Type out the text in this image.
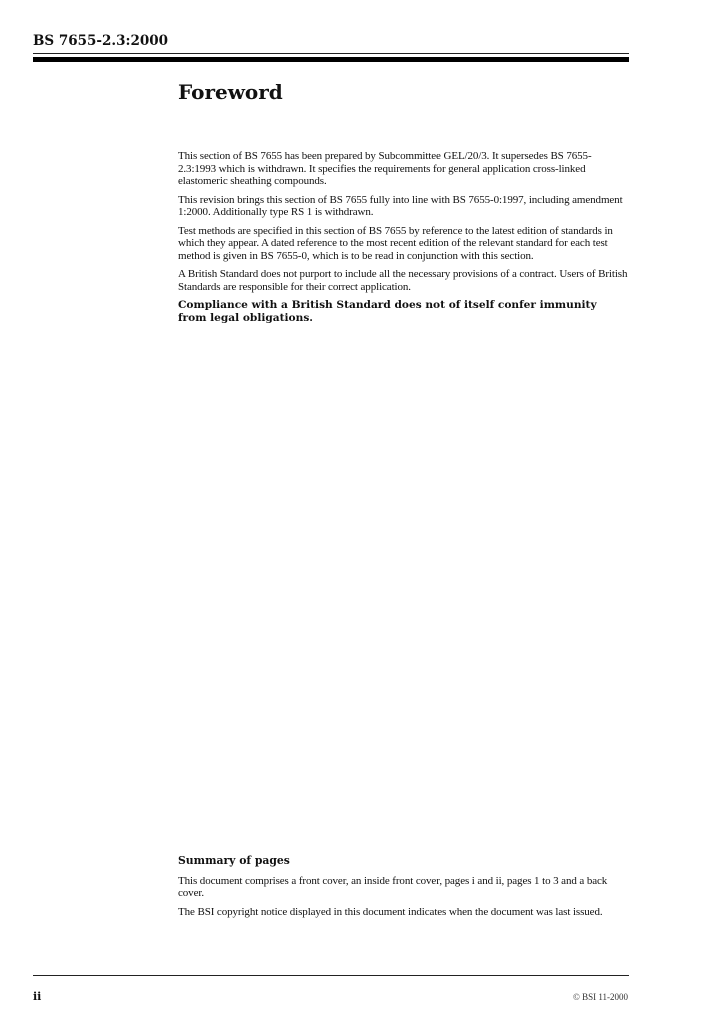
BS 7655-2.3:2000
Foreword

This section of BS 7655 has been prepared by Subcommittee GEL/20/3. It supersedes BS 7655-2.3:1993 which is withdrawn. It specifies the requirements for general application cross-linked elastomeric sheathing compounds.

This revision brings this section of BS 7655 fully into line with BS 7655-0:1997, including amendment 1:2000. Additionally type RS 1 is withdrawn.

Test methods are specified in this section of BS 7655 by reference to the latest edition of standards in which they appear. A dated reference to the most recent edition of the relevant standard for each test method is given in BS 7655-0, which is to be read in conjunction with this section.

A British Standard does not purport to include all the necessary provisions of a contract. Users of British Standards are responsible for their correct application.

Compliance with a British Standard does not of itself confer immunity from legal obligations.

Summary of pages

This document comprises a front cover, an inside front cover, pages i and ii, pages 1 to 3 and a back cover.

The BSI copyright notice displayed in this document indicates when the document was last issued.

ii	© BSI 11-2000
